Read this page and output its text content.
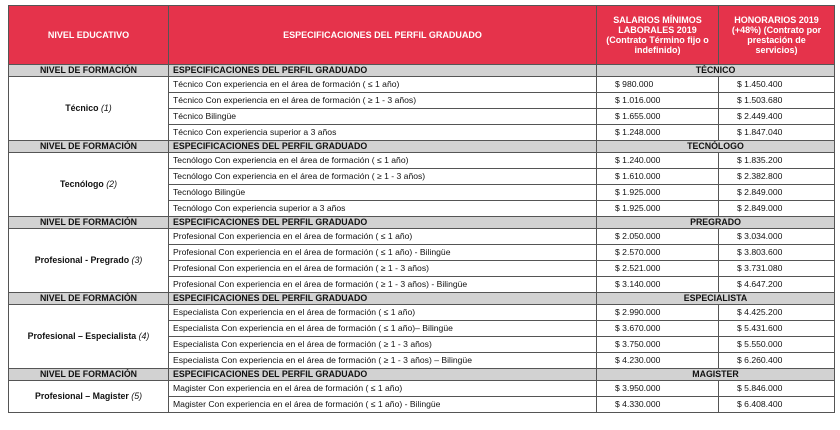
NIVEL EDUCATIVO	ESPECIFICACIONES DEL PERFIL GRADUADO	SALARIOS MÍNIMOS LABORALES 2019 (Contrato Término fijo o indefinido)	HONORARIOS 2019 (+48%) (Contrato por prestación de servicios)
NIVEL DE FORMACIÓN	ESPECIFICACIONES DEL PERFIL GRADUADO	TÉCNICO	
Técnico (1)	Técnico Con experiencia en el área de formación ( ≤ 1 año)	$ 980.000	$ 1.450.400
	Técnico Con experiencia en el área de formación ( ≥ 1 - 3 años)	$ 1.016.000	$ 1.503.680
	Técnico Bilingüe	$ 1.655.000	$ 2.449.400
	Técnico Con experiencia superior a 3 años	$ 1.248.000	$ 1.847.040
NIVEL DE FORMACIÓN	ESPECIFICACIONES DEL PERFIL GRADUADO	TECNÓLOGO	
Tecnólogo (2)	Tecnólogo Con experiencia en el área de formación ( ≤ 1 año)	$ 1.240.000	$ 1.835.200
	Tecnólogo Con experiencia en el área de formación ( ≥ 1 - 3 años)	$ 1.610.000	$ 2.382.800
	Tecnólogo Bilingüe	$ 1.925.000	$ 2.849.000
	Tecnólogo Con experiencia superior a 3 años	$ 1.925.000	$ 2.849.000
NIVEL DE FORMACIÓN	ESPECIFICACIONES DEL PERFIL GRADUADO	PREGRADO	
Profesional - Pregrado (3)	Profesional Con experiencia en el área de formación ( ≤ 1 año)	$ 2.050.000	$ 3.034.000
	Profesional Con experiencia en el área de formación ( ≤ 1 año) - Bilingüe	$ 2.570.000	$ 3.803.600
	Profesional Con experiencia en el área de formación ( ≥ 1 - 3 años)	$ 2.521.000	$ 3.731.080
	Profesional Con experiencia en el área de formación ( ≥ 1 - 3 años) - Bilingüe	$ 3.140.000	$ 4.647.200
NIVEL DE FORMACIÓN	ESPECIFICACIONES DEL PERFIL GRADUADO	ESPECIALISTA	
Profesional – Especialista (4)	Especialista Con experiencia en el área de formación ( ≤ 1 año)	$ 2.990.000	$ 4.425.200
	Especialista Con experiencia en el área de formación ( ≤ 1 año)– Bilingüe	$ 3.670.000	$ 5.431.600
	Especialista Con experiencia en el área de formación ( ≥ 1 - 3 años)	$ 3.750.000	$ 5.550.000
	Especialista Con experiencia en el área de formación ( ≥ 1 - 3 años) – Bilingüe	$ 4.230.000	$ 6.260.400
NIVEL DE FORMACIÓN	ESPECIFICACIONES DEL PERFIL GRADUADO	MAGISTER	
Profesional – Magister (5)	Magister Con experiencia en el área de formación ( ≤ 1 año)	$ 3.950.000	$ 5.846.000
	Magister Con experiencia en el área de formación ( ≤ 1 año) - Bilingüe	$ 4.330.000	$ 6.408.400
